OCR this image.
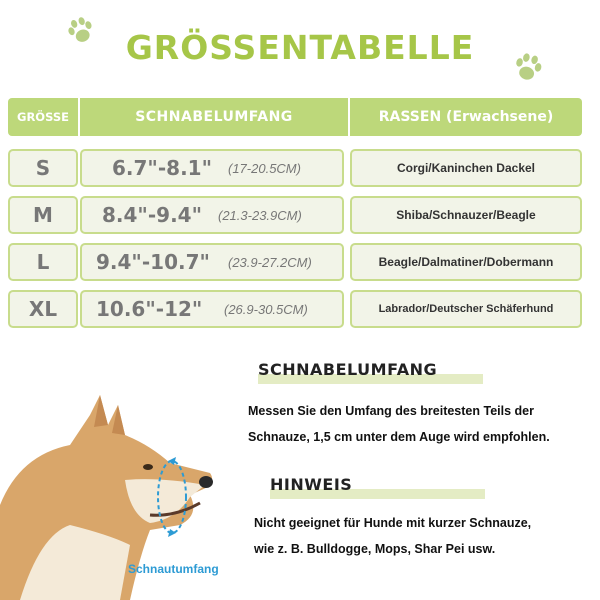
GRÖSSENTABELLE
GRÖSSE	SCHNABELUMFANG	RASSEN (Erwachsene)
S	6.7"-8.1" (17-20.5CM)	Corgi/Kaninchen Dackel
M	8.4"-9.4" (21.3-23.9CM)	Shiba/Schnauzer/Beagle
L	9.4"-10.7" (23.9-27.2CM)	Beagle/Dalmatiner/Dobermann
XL	10.6"-12" (26.9-30.5CM)	Labrador/Deutscher Schäferhund
Schnautumfang
SCHNABELUMFANG
Messen Sie den Umfang des breitesten Teils der
Schnauze, 1,5 cm unter dem Auge wird empfohlen.
HINWEIS
Nicht geeignet für Hunde mit kurzer Schnauze,
wie z. B. Bulldogge, Mops, Shar Pei usw.
